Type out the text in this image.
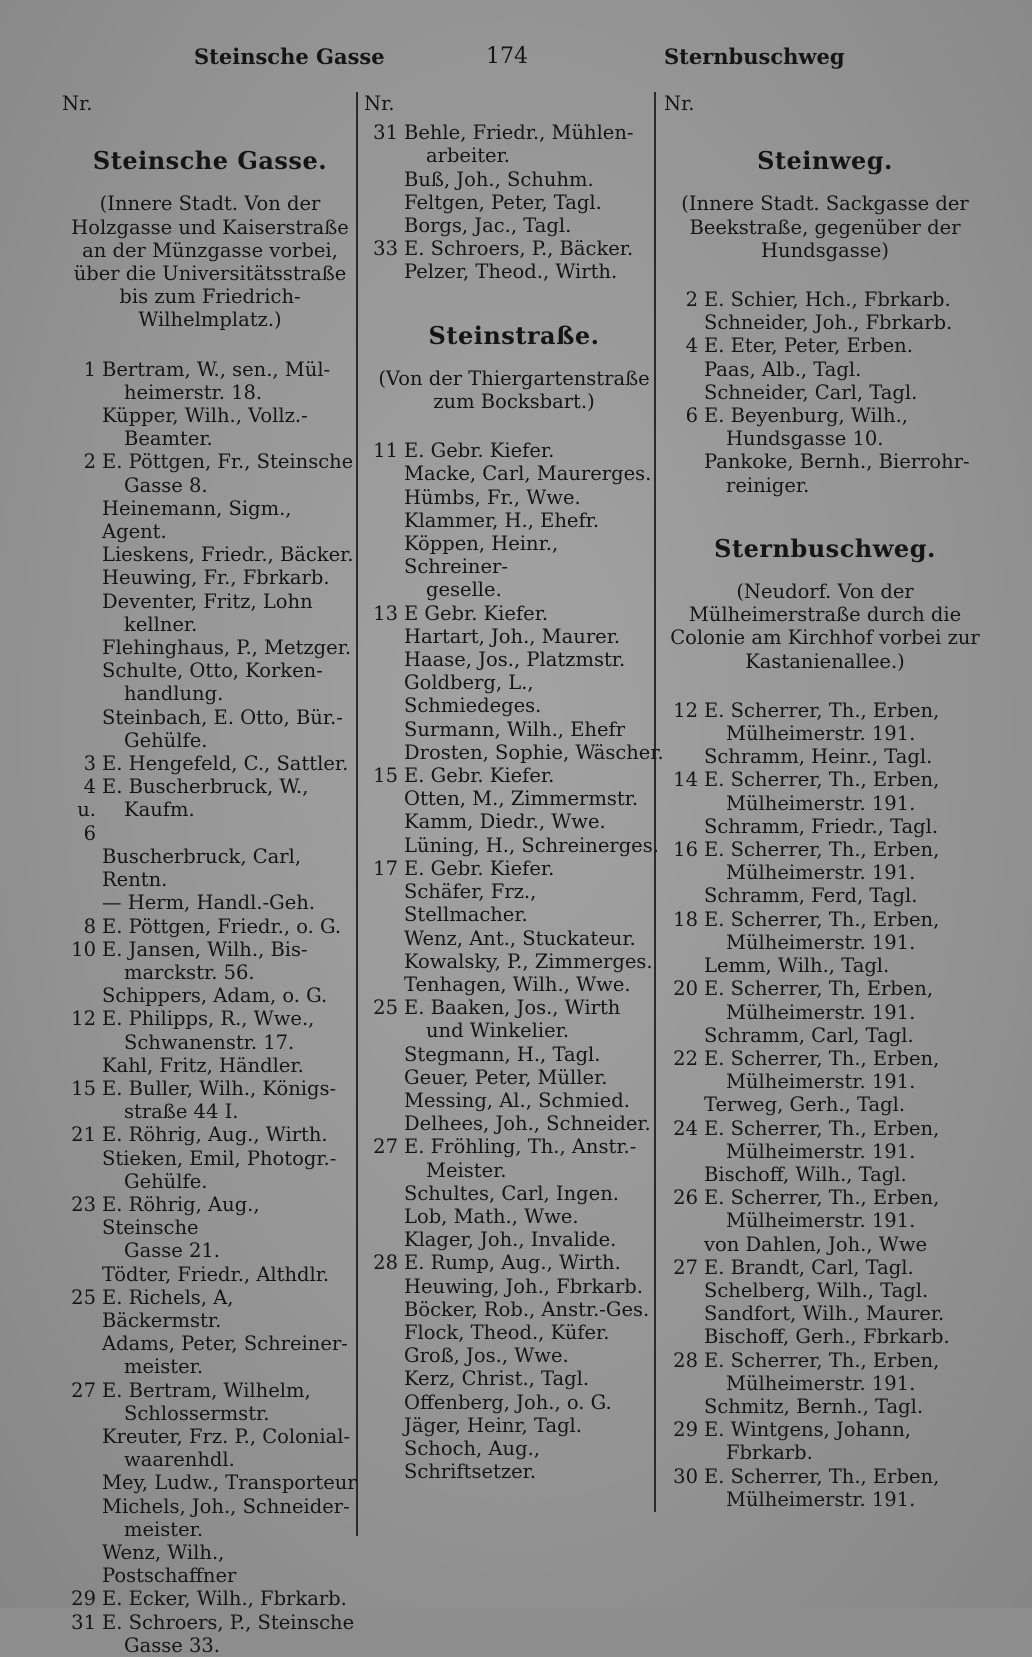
Steinsche Gasse	174	Sternbuschweg
Nr.
Steinsche Gasse.
(Innere Stadt. Von der Holzgasse und Kaiserstraße an der Münzgasse vorbei, über die Universitätsstraße bis zum Friedrich-Wilhelmplatz.)
1 Bertram, W., sen., Mül-
heimerstr. 18.
Küpper, Wilh., Vollz.-
Beamter.
2 E. Pöttgen, Fr., Steinsche
Gasse 8.
Heinemann, Sigm., Agent.
Lieskens, Friedr., Bäcker.
Heuwing, Fr., Fbrkarb.
Deventer, Fritz, Lohn
kellner.
Flehinghaus, P., Metzger.
Schulte, Otto, Korken-
handlung.
Steinbach, E. Otto, Bür.-
Gehülfe.
3 E. Hengefeld, C., Sattler.
4 u. 6
E. Buscherbruck, W.,
Kaufm.
Buscherbruck, Carl, Rentn.
— Herm, Handl.-Geh.
8 E. Pöttgen, Friedr., o. G.
10 E. Jansen, Wilh., Bis-
marckstr. 56.
Schippers, Adam, o. G.
12 E. Philipps, R., Wwe.,
Schwanenstr. 17.
Kahl, Fritz, Händler.
15 E. Buller, Wilh., Königs-
straße 44 I.
21 E. Röhrig, Aug., Wirth.
Stieken, Emil, Photogr.-
Gehülfe.
23 E. Röhrig, Aug., Steinsche
Gasse 21.
Tödter, Friedr., Althdlr.
25 E. Richels, A, Bäckermstr.
Adams, Peter, Schreiner-
meister.
27 E. Bertram, Wilhelm,
Schlossermstr.
Kreuter, Frz. P., Colonial-
waarenhdl.
Mey, Ludw., Transporteur
Michels, Joh., Schneider-
meister.
Wenz, Wilh., Postschaffner
29 E. Ecker, Wilh., Fbrkarb.
31 E. Schroers, P., Steinsche
Gasse 33.
Nr.
31 Behle, Friedr., Mühlen-
arbeiter.
Buß, Joh., Schuhm.
Feltgen, Peter, Tagl.
Borgs, Jac., Tagl.
33 E. Schroers, P., Bäcker.
Pelzer, Theod., Wirth.
Steinstraße.
(Von der Thiergartenstraße zum Bocksbart.)
11 E. Gebr. Kiefer.
Macke, Carl, Maurerges.
Hümbs, Fr., Wwe.
Klammer, H., Ehefr.
Köppen, Heinr., Schreiner-
geselle.
13 E Gebr. Kiefer.
Hartart, Joh., Maurer.
Haase, Jos., Platzmstr.
Goldberg, L., Schmiedeges.
Surmann, Wilh., Ehefr
Drosten, Sophie, Wäscher.
15 E. Gebr. Kiefer.
Otten, M., Zimmermstr.
Kamm, Diedr., Wwe.
Lüning, H., Schreinerges.
17 E. Gebr. Kiefer.
Schäfer, Frz., Stellmacher.
Wenz, Ant., Stuckateur.
Kowalsky, P., Zimmerges.
Tenhagen, Wilh., Wwe.
25 E. Baaken, Jos., Wirth
und Winkelier.
Stegmann, H., Tagl.
Geuer, Peter, Müller.
Messing, Al., Schmied.
Delhees, Joh., Schneider.
27 E. Fröhling, Th., Anstr.-
Meister.
Schultes, Carl, Ingen.
Lob, Math., Wwe.
Klager, Joh., Invalide.
28 E. Rump, Aug., Wirth.
Heuwing, Joh., Fbrkarb.
Böcker, Rob., Anstr.-Ges.
Flock, Theod., Küfer.
Groß, Jos., Wwe.
Kerz, Christ., Tagl.
Offenberg, Joh., o. G.
Jäger, Heinr, Tagl.
Schoch, Aug., Schriftsetzer.
Nr.
Steinweg.
(Innere Stadt. Sackgasse der Beekstraße, gegenüber der Hundsgasse)
2 E. Schier, Hch., Fbrkarb.
Schneider, Joh., Fbrkarb.
4 E. Eter, Peter, Erben.
Paas, Alb., Tagl.
Schneider, Carl, Tagl.
6 E. Beyenburg, Wilh.,
Hundsgasse 10.
Pankoke, Bernh., Bierrohr-
reiniger.
Sternbuschweg.
(Neudorf. Von der Mülheimerstraße durch die Colonie am Kirchhof vorbei zur Kastanienallee.)
12 E. Scherrer, Th., Erben,
Mülheimerstr. 191.
Schramm, Heinr., Tagl.
14 E. Scherrer, Th., Erben,
Mülheimerstr. 191.
Schramm, Friedr., Tagl.
16 E. Scherrer, Th., Erben,
Mülheimerstr. 191.
Schramm, Ferd, Tagl.
18 E. Scherrer, Th., Erben,
Mülheimerstr. 191.
Lemm, Wilh., Tagl.
20 E. Scherrer, Th, Erben,
Mülheimerstr. 191.
Schramm, Carl, Tagl.
22 E. Scherrer, Th., Erben,
Mülheimerstr. 191.
Terweg, Gerh., Tagl.
24 E. Scherrer, Th., Erben,
Mülheimerstr. 191.
Bischoff, Wilh., Tagl.
26 E. Scherrer, Th., Erben,
Mülheimerstr. 191.
von Dahlen, Joh., Wwe
27 E. Brandt, Carl, Tagl.
Schelberg, Wilh., Tagl.
Sandfort, Wilh., Maurer.
Bischoff, Gerh., Fbrkarb.
28 E. Scherrer, Th., Erben,
Mülheimerstr. 191.
Schmitz, Bernh., Tagl.
29 E. Wintgens, Johann,
Fbrkarb.
30 E. Scherrer, Th., Erben,
Mülheimerstr. 191.
